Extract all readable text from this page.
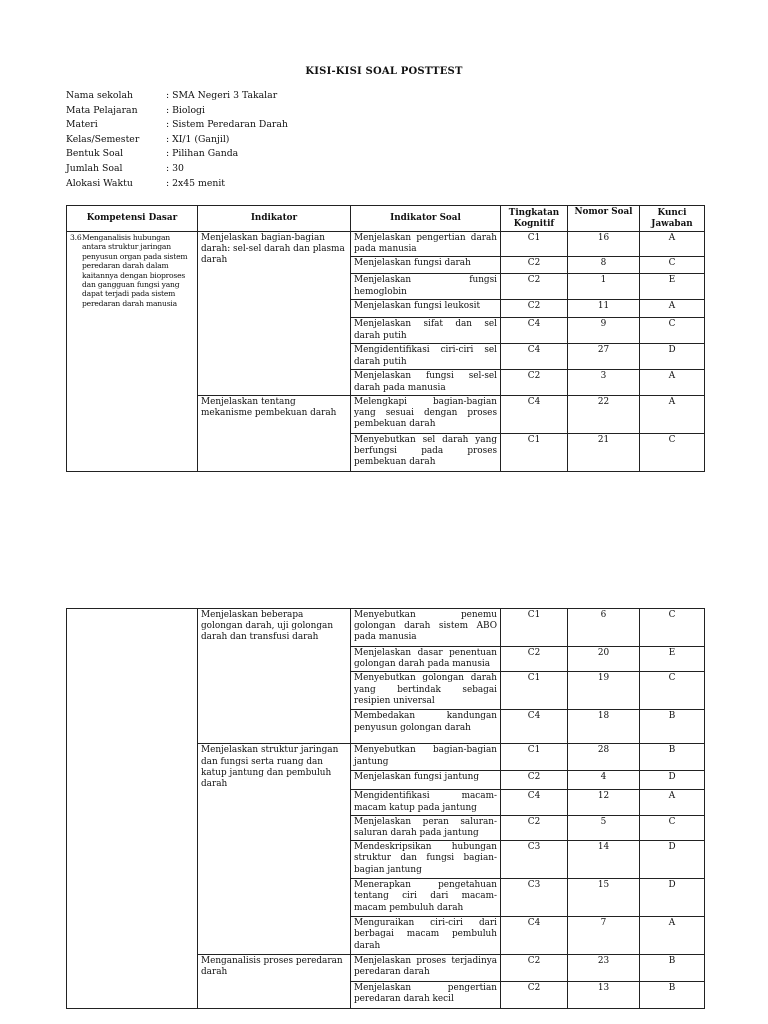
KISI-KISI SOAL POSTTEST
Nama sekolah	: SMA Negeri 3 Takalar
Mata Pelajaran	: Biologi
Materi	: Sistem Peredaran Darah
Kelas/Semester	: XI/1 (Ganjil)
Bentuk Soal	: Pilihan Ganda
Jumlah Soal	: 30
Alokasi Waktu	: 2x45 menit
Kompetensi Dasar	Indikator	Indikator Soal	Tingkatan Kognitif	Nomor Soal	Kunci Jawaban

3.6 Menganalisis hubungan antara struktur jaringan penyusun organ pada sistem peredaran darah dalam kaitannya dengan bioproses dan gangguan fungsi yang dapat terjadi pada sistem peredaran darah manusia	Menjelaskan bagian-bagian darah: sel-sel darah dan plasma darah	Menjelaskan pengertian darah pada manusia	C1	16	A
		Menjelaskan fungsi darah	C2	8	C
		Menjelaskan fungsi hemoglobin	C2	1	E
		Menjelaskan fungsi leukosit	C2	11	A
		Menjelaskan sifat dan sel darah putih	C4	9	C
		Mengidentifikasi ciri-ciri sel darah putih	C4	27	D
		Menjelaskan fungsi sel-sel darah pada manusia	C2	3	A
	Menjelaskan tentang mekanisme pembekuan darah	Melengkapi bagian-bagian yang sesuai dengan proses pembekuan darah	C4	22	A
		Menyebutkan sel darah yang berfungsi pada proses pembekuan darah	C1	21	C
	Menjelaskan beberapa golongan darah, uji golongan darah dan transfusi darah	Menyebutkan penemu golongan darah sistem ABO pada manusia	C1	6	C
		Menjelaskan dasar penentuan golongan darah pada manusia	C2	20	E
		Menyebutkan golongan darah yang bertindak sebagai resipien universal	C1	19	C
		Membedakan kandungan penyusun golongan darah	C4	18	B
	Menjelaskan struktur jaringan dan fungsi serta ruang dan katup jantung dan pembuluh darah	Menyebutkan bagian-bagian jantung	C1	28	B
		Menjelaskan fungsi jantung	C2	4	D
		Mengidentifikasi macam-macam katup pada jantung	C4	12	A
		Menjelaskan peran saluran-saluran darah pada jantung	C2	5	C
		Mendeskripsikan hubungan struktur dan fungsi bagian-bagian jantung	C3	14	D
		Menerapkan pengetahuan tentang ciri dari macam-macam pembuluh darah	C3	15	D
		Menguraikan ciri-ciri dari berbagai macam pembuluh darah	C4	7	A
	Menganalisis proses peredaran darah	Menjelaskan proses terjadinya peredaran darah	C2	23	B
		Menjelaskan pengertian peredaran darah kecil	C2	13	B
